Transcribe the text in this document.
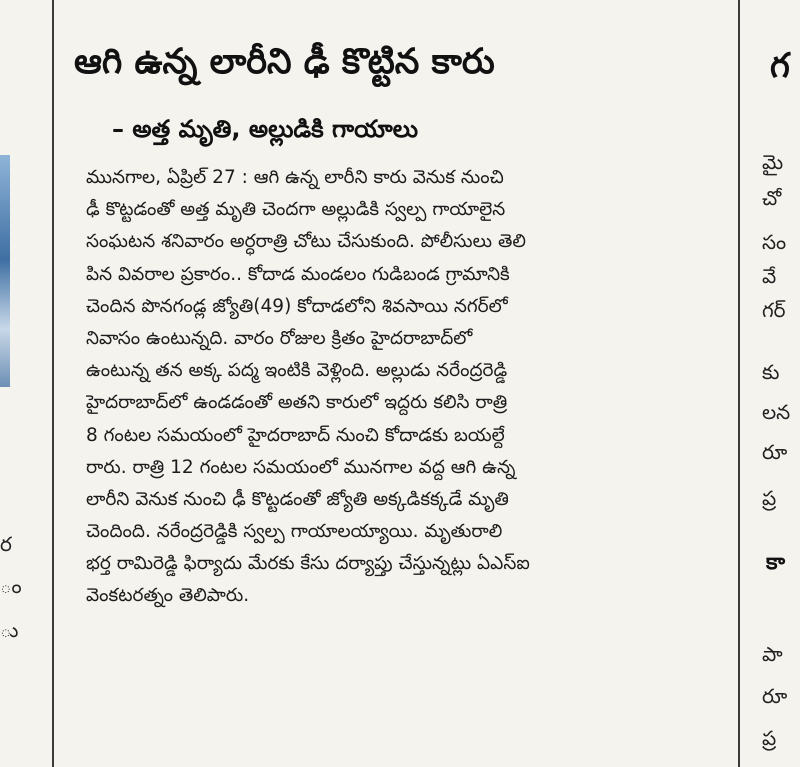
ర
ం
ు
ఆగి ఉన్న లారీని ఢీ కొట్టిన కారు
– అత్త మృతి, అల్లుడికి గాయాలు
మునగాల, ఏప్రిల్ 27 : ఆగి ఉన్న లారీని కారు వెనుక నుంచి
ఢీ కొట్టడంతో అత్త మృతి చెందగా అల్లుడికి స్వల్ప గాయాలైన
సంఘటన శనివారం అర్ధరాత్రి చోటు చేసుకుంది. పోలీసులు తెలి
పిన వివరాల ప్రకారం.. కోదాడ మండలం గుడిబండ గ్రామానికి
చెందిన పొనగండ్ల జ్యోతి(49) కోదాడలోని శివసాయి నగర్‌లో
నివాసం ఉంటున్నది. వారం రోజుల క్రితం హైదరాబాద్‌లో
ఉంటున్న తన అక్క పద్మ ఇంటికి వెళ్లింది. అల్లుడు నరేంద్రరెడ్డి
హైదరాబాద్‌లో ఉండడంతో అతని కారులో ఇద్దరు కలిసి రాత్రి
8 గంటల సమయంలో హైదరాబాద్ నుంచి కోదాడకు బయల్దే
రారు. రాత్రి 12 గంటల సమయంలో మునగాల వద్ద ఆగి ఉన్న
లారీని వెనుక నుంచి ఢీ కొట్టడంతో జ్యోతి అక్కడికక్కడే మృతి
చెందింది. నరేంద్రరెడ్డికి స్వల్ప గాయాలయ్యాయి. మృతురాలి
భర్త రామిరెడ్డి ఫిర్యాదు మేరకు కేసు దర్యాప్తు చేస్తున్నట్లు ఏఎస్ఐ
వెంకటరత్నం తెలిపారు.
గ
మై
చో
సం
వే
గర్
కు
లన
రూ
ప్ర
కా
పా
రూ
ప్ర
